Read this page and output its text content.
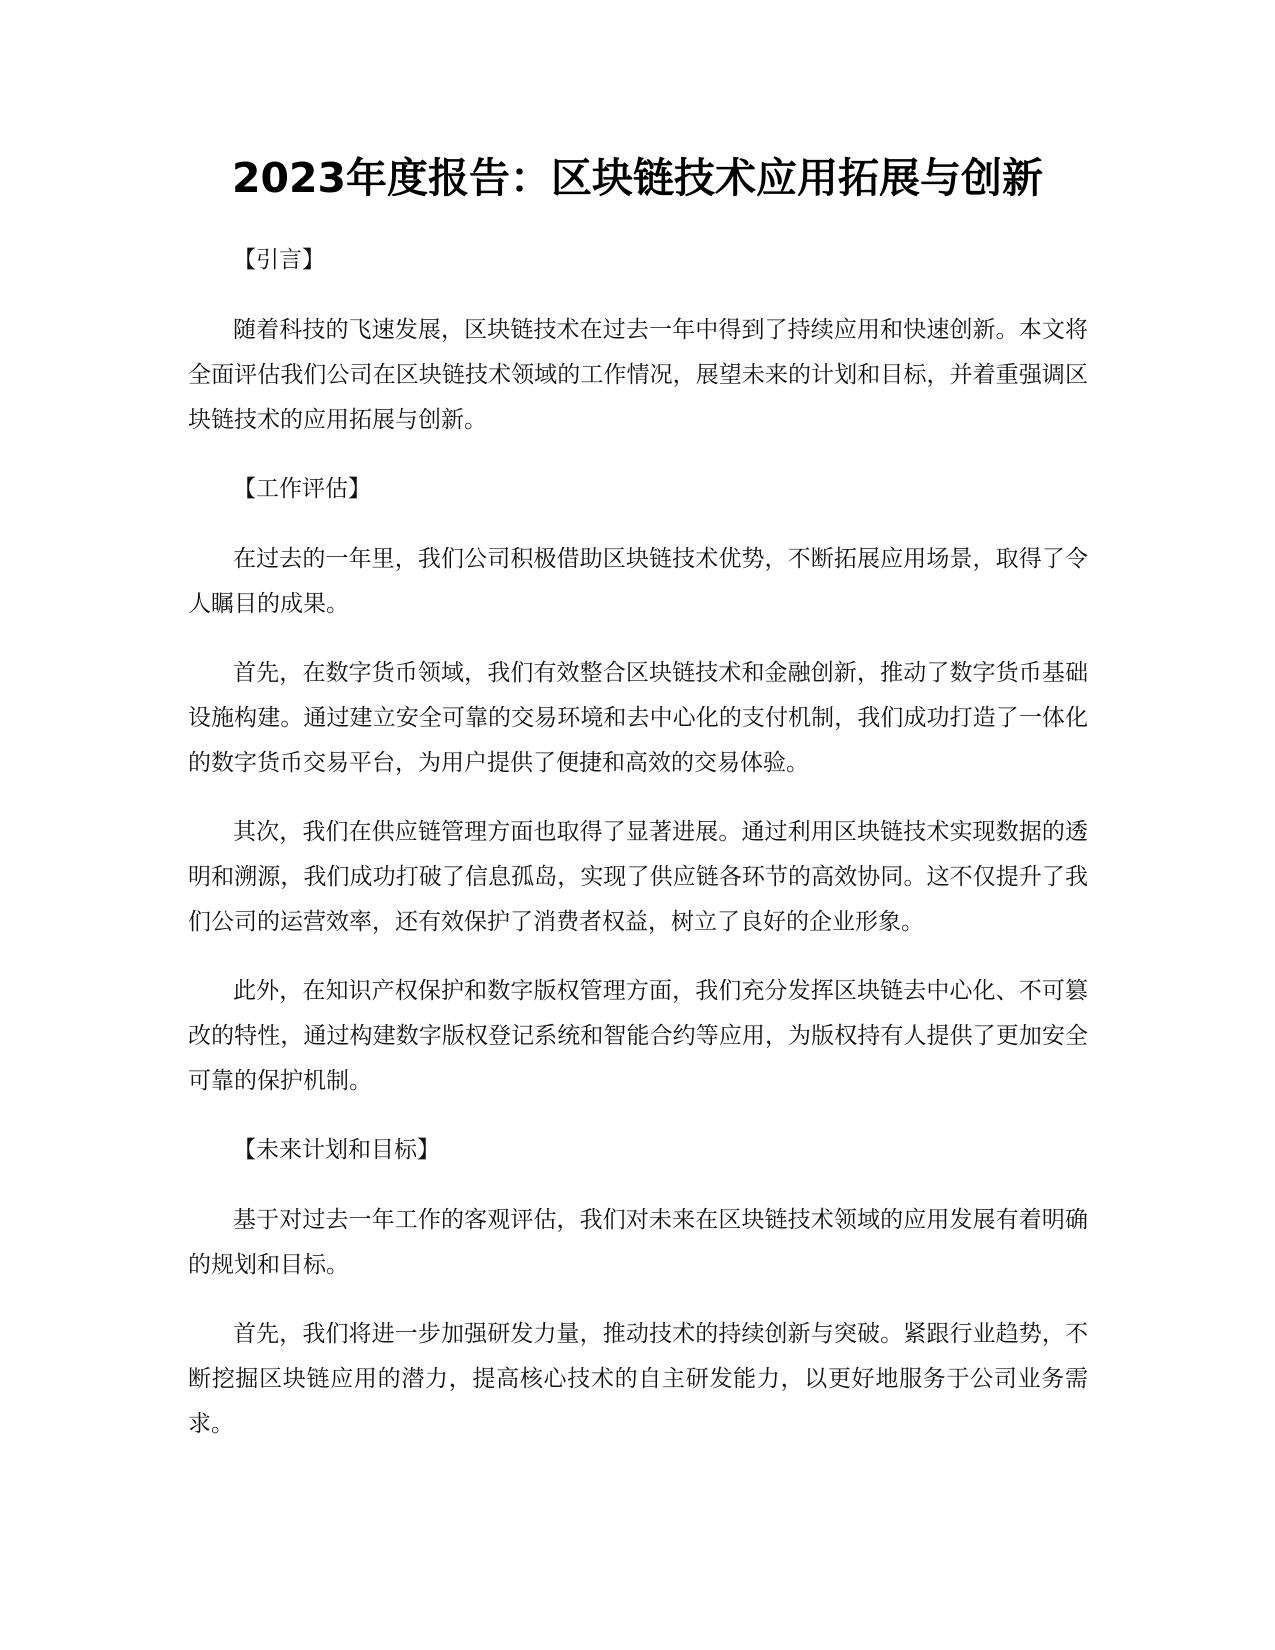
2023年度报告：区块链技术应用拓展与创新

【引言】

随着科技的飞速发展，区块链技术在过去一年中得到了持续应用和快速创新。本文将全面评估我们公司在区块链技术领域的工作情况，展望未来的计划和目标，并着重强调区块链技术的应用拓展与创新。

【工作评估】

在过去的一年里，我们公司积极借助区块链技术优势，不断拓展应用场景，取得了令人瞩目的成果。

首先，在数字货币领域，我们有效整合区块链技术和金融创新，推动了数字货币基础设施构建。通过建立安全可靠的交易环境和去中心化的支付机制，我们成功打造了一体化的数字货币交易平台，为用户提供了便捷和高效的交易体验。

其次，我们在供应链管理方面也取得了显著进展。通过利用区块链技术实现数据的透明和溯源，我们成功打破了信息孤岛，实现了供应链各环节的高效协同。这不仅提升了我们公司的运营效率，还有效保护了消费者权益，树立了良好的企业形象。

此外，在知识产权保护和数字版权管理方面，我们充分发挥区块链去中心化、不可篡改的特性，通过构建数字版权登记系统和智能合约等应用，为版权持有人提供了更加安全可靠的保护机制。

【未来计划和目标】

基于对过去一年工作的客观评估，我们对未来在区块链技术领域的应用发展有着明确的规划和目标。

首先，我们将进一步加强研发力量，推动技术的持续创新与突破。紧跟行业趋势，不断挖掘区块链应用的潜力，提高核心技术的自主研发能力，以更好地服务于公司业务需求。
